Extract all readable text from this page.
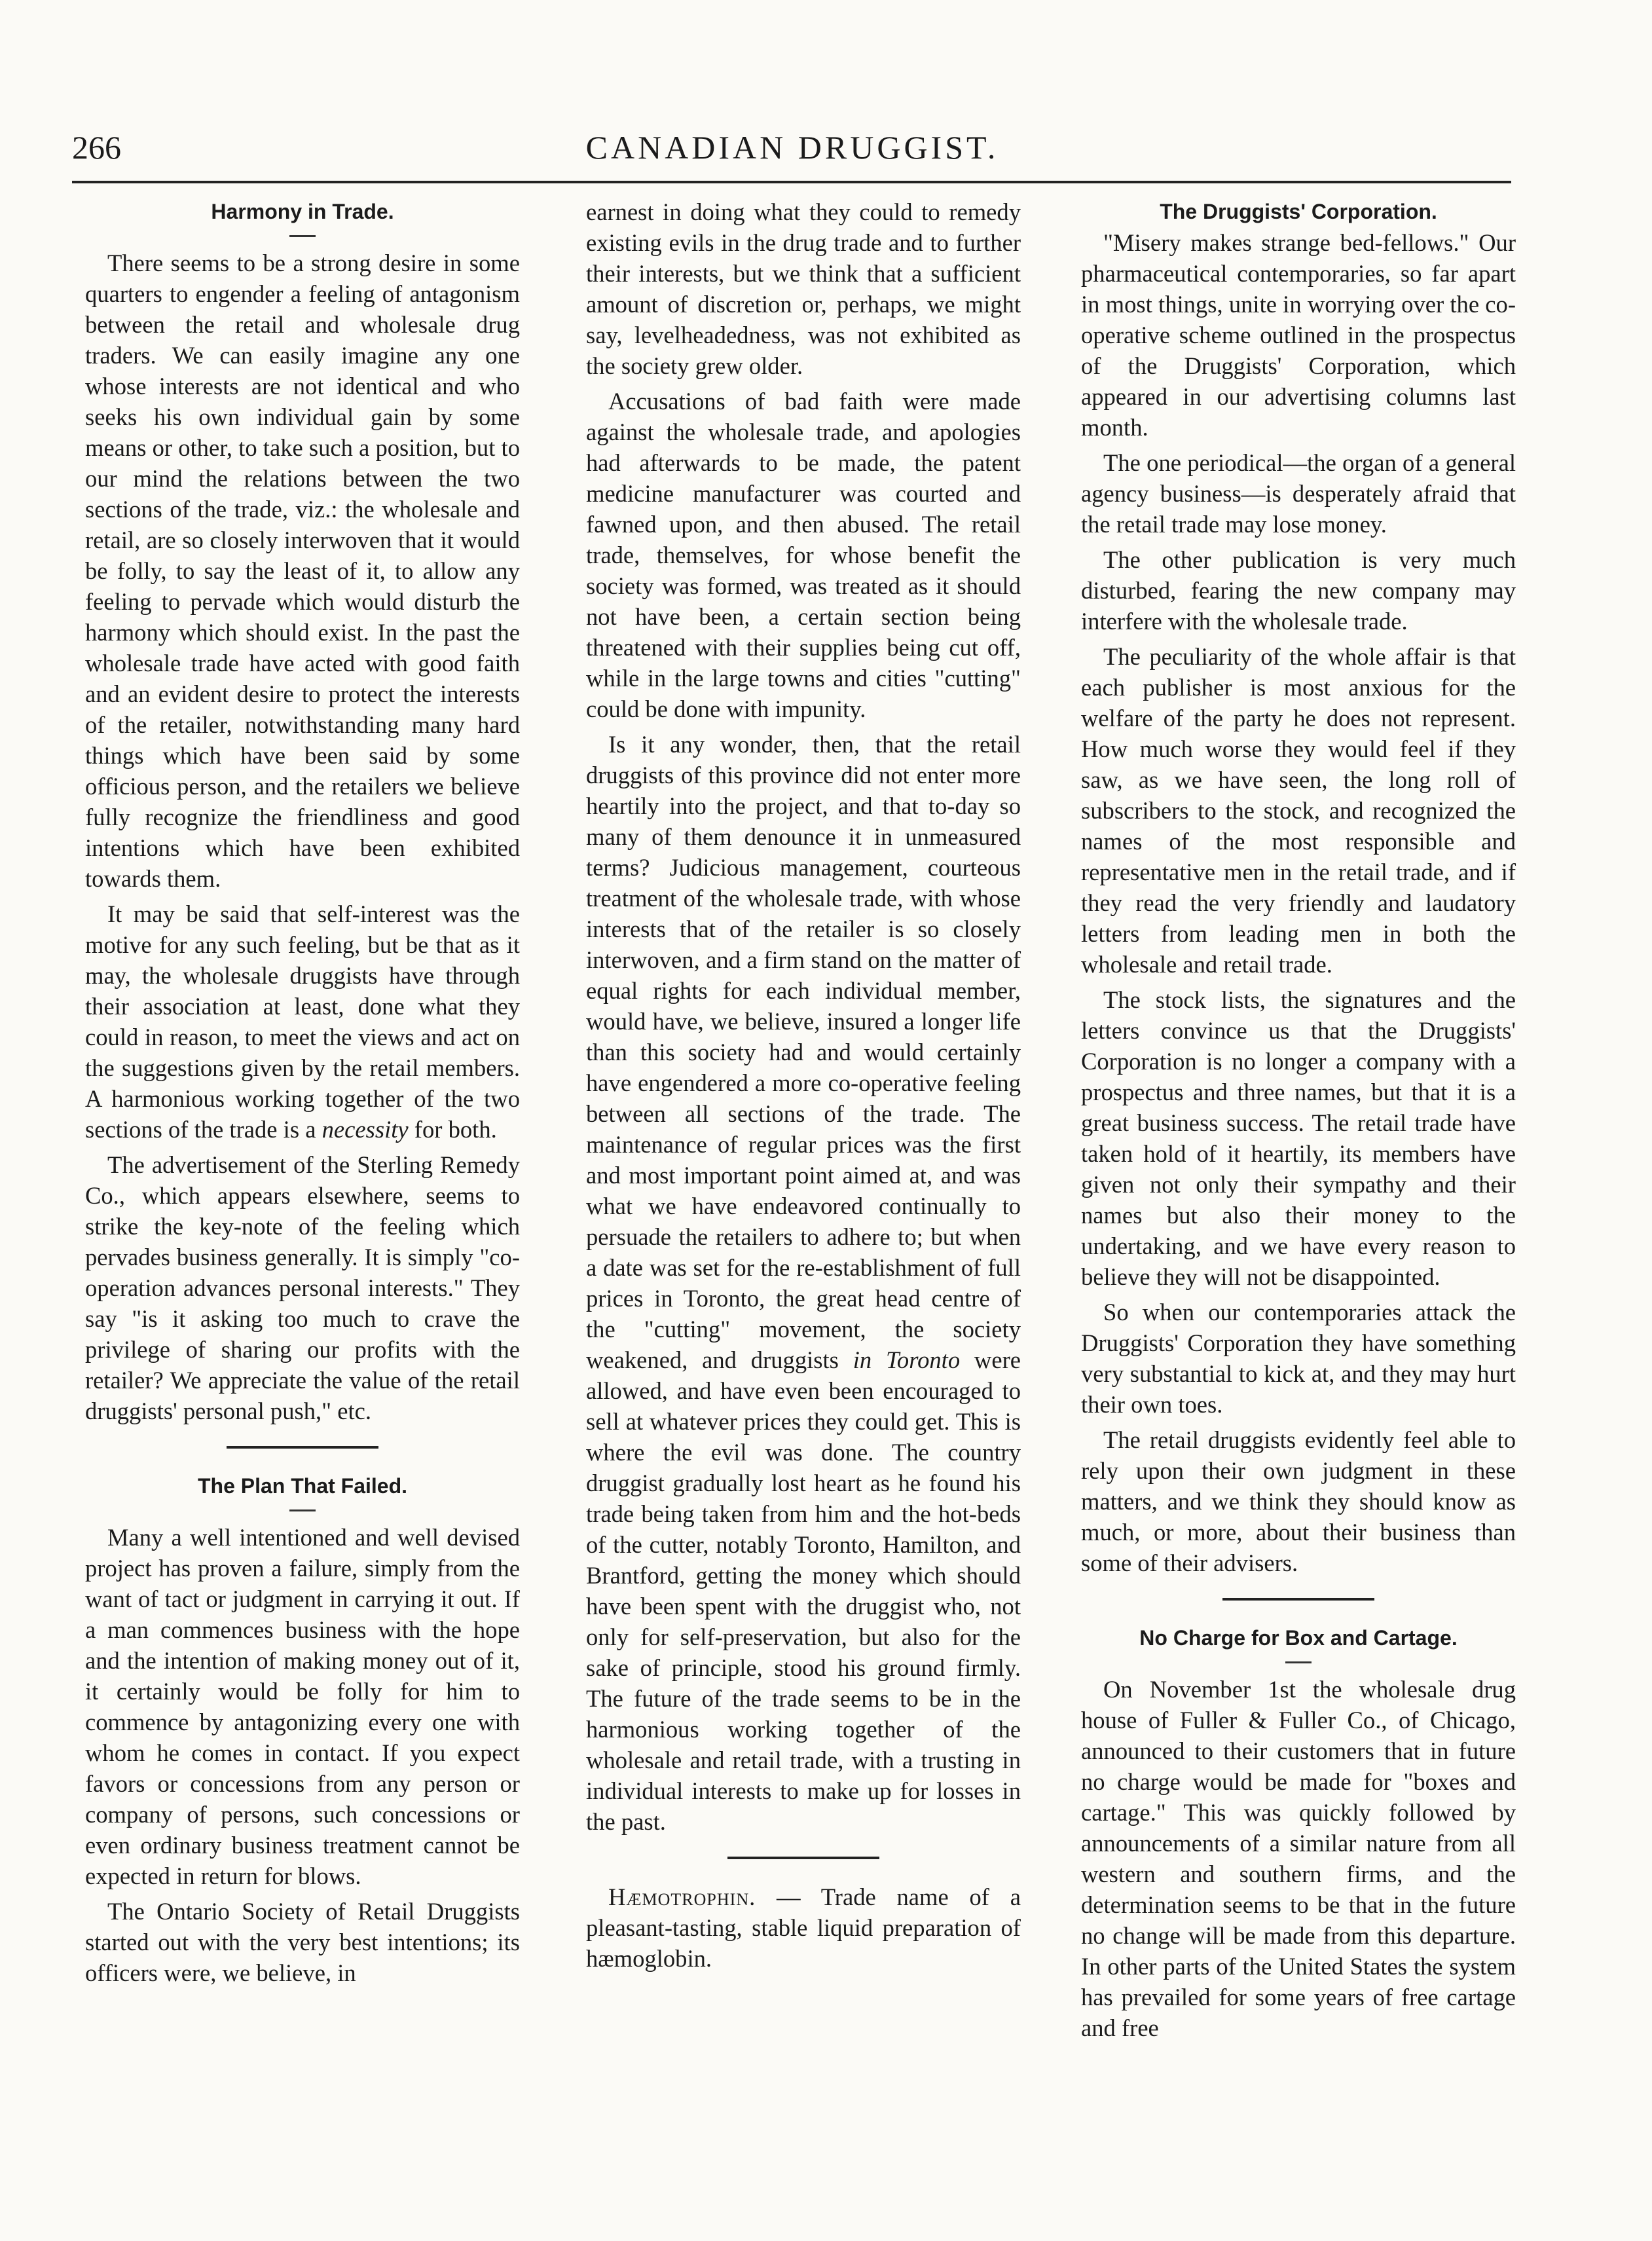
266	CANADIAN DRUGGIST.
Harmony in Trade.

There seems to be a strong desire in some quarters to engender a feeling of antagonism between the retail and wholesale drug traders. We can easily imagine any one whose interests are not identical and who seeks his own individual gain by some means or other, to take such a position, but to our mind the relations between the two sections of the trade, viz.: the wholesale and retail, are so closely interwoven that it would be folly, to say the least of it, to allow any feeling to pervade which would disturb the harmony which should exist. In the past the wholesale trade have acted with good faith and an evident desire to protect the interests of the retailer, notwithstanding many hard things which have been said by some officious person, and the retailers we believe fully recognize the friendliness and good intentions which have been exhibited towards them.

It may be said that self-interest was the motive for any such feeling, but be that as it may, the wholesale druggists have through their association at least, done what they could in reason, to meet the views and act on the suggestions given by the retail members. A harmonious working together of the two sections of the trade is a necessity for both.

The advertisement of the Sterling Remedy Co., which appears elsewhere, seems to strike the key-note of the feeling which pervades business generally. It is simply "co-operation advances personal interests." They say "is it asking too much to crave the privilege of sharing our profits with the retailer? We appreciate the value of the retail druggists' personal push," etc.

The Plan That Failed.

Many a well intentioned and well devised project has proven a failure, simply from the want of tact or judgment in carrying it out. If a man commences business with the hope and the intention of making money out of it, it certainly would be folly for him to commence by antagonizing every one with whom he comes in contact. If you expect favors or concessions from any person or company of persons, such concessions or even ordinary business treatment cannot be expected in return for blows.

The Ontario Society of Retail Druggists started out with the very best intentions; its officers were, we believe, in

earnest in doing what they could to remedy existing evils in the drug trade and to further their interests, but we think that a sufficient amount of discretion or, perhaps, we might say, levelheadedness, was not exhibited as the society grew older.

Accusations of bad faith were made against the wholesale trade, and apologies had afterwards to be made, the patent medicine manufacturer was courted and fawned upon, and then abused. The retail trade, themselves, for whose benefit the society was formed, was treated as it should not have been, a certain section being threatened with their supplies being cut off, while in the large towns and cities "cutting" could be done with impunity.

Is it any wonder, then, that the retail druggists of this province did not enter more heartily into the project, and that to-day so many of them denounce it in unmeasured terms? Judicious management, courteous treatment of the wholesale trade, with whose interests that of the retailer is so closely interwoven, and a firm stand on the matter of equal rights for each individual member, would have, we believe, insured a longer life than this society had and would certainly have engendered a more co-operative feeling between all sections of the trade. The maintenance of regular prices was the first and most important point aimed at, and was what we have endeavored continually to persuade the retailers to adhere to; but when a date was set for the re-establishment of full prices in Toronto, the great head centre of the "cutting" movement, the society weakened, and druggists in Toronto were allowed, and have even been encouraged to sell at whatever prices they could get. This is where the evil was done. The country druggist gradually lost heart as he found his trade being taken from him and the hot-beds of the cutter, notably Toronto, Hamilton, and Brantford, getting the money which should have been spent with the druggist who, not only for self-preservation, but also for the sake of principle, stood his ground firmly. The future of the trade seems to be in the harmonious working together of the wholesale and retail trade, with a trusting in individual interests to make up for losses in the past.

Hæmotrophin. — Trade name of a pleasant-tasting, stable liquid preparation of hæmoglobin.

The Druggists' Corporation.

"Misery makes strange bed-fellows." Our pharmaceutical contemporaries, so far apart in most things, unite in worrying over the co-operative scheme outlined in the prospectus of the Druggists' Corporation, which appeared in our advertising columns last month.

The one periodical—the organ of a general agency business—is desperately afraid that the retail trade may lose money.

The other publication is very much disturbed, fearing the new company may interfere with the wholesale trade.

The peculiarity of the whole affair is that each publisher is most anxious for the welfare of the party he does not represent. How much worse they would feel if they saw, as we have seen, the long roll of subscribers to the stock, and recognized the names of the most responsible and representative men in the retail trade, and if they read the very friendly and laudatory letters from leading men in both the wholesale and retail trade.

The stock lists, the signatures and the letters convince us that the Druggists' Corporation is no longer a company with a prospectus and three names, but that it is a great business success. The retail trade have taken hold of it heartily, its members have given not only their sympathy and their names but also their money to the undertaking, and we have every reason to believe they will not be disappointed.

So when our contemporaries attack the Druggists' Corporation they have something very substantial to kick at, and they may hurt their own toes.

The retail druggists evidently feel able to rely upon their own judgment in these matters, and we think they should know as much, or more, about their business than some of their advisers.

No Charge for Box and Cartage.

On November 1st the wholesale drug house of Fuller & Fuller Co., of Chicago, announced to their customers that in future no charge would be made for "boxes and cartage." This was quickly followed by announcements of a similar nature from all western and southern firms, and the determination seems to be that in the future no change will be made from this departure. In other parts of the United States the system has prevailed for some years of free cartage and free
